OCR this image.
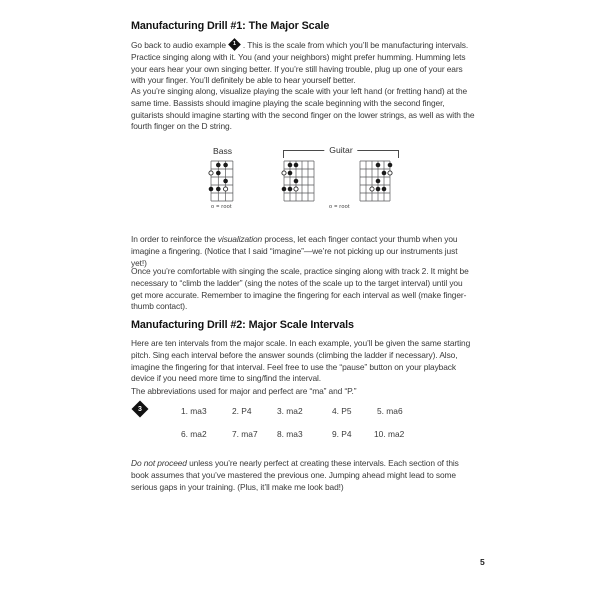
Manufacturing Drill #1: The Major Scale

Go back to audio example	1 . This is the scale from which you’ll be manufacturing intervals. Practice singing along with it. You (and your neighbors) might prefer humming. Humming lets your ears hear your own singing better. If you’re still having trouble, plug up one of your ears with your finger. You’ll definitely be able to hear yourself better.

As you’re singing along, visualize playing the scale with your left hand (or fretting hand) at the same time. Bassists should imagine playing the scale beginning with the second finger, guitarists should imagine starting with the second finger on the lower strings, as well as with the fourth finger on the D string.

Bass	Guitar
o = root	o = root

In order to reinforce the visualization process, let each finger contact your thumb when you imagine a fingering. (Notice that I said “imagine”—we’re not picking up our instruments just yet!)

Once you’re comfortable with singing the scale, practice singing along with track 2. It might be necessary to “climb the ladder” (sing the notes of the scale up to the target interval) until you get more accurate. Remember to imagine the fingering for each interval as well (make finger-thumb contact).

Manufacturing Drill #2: Major Scale Intervals

Here are ten intervals from the major scale. In each example, you’ll be given the same starting pitch. Sing each interval before the answer sounds (climbing the ladder if necessary). Also, imagine the fingering for that interval. Feel free to use the “pause” button on your playback device if you need more time to sing/find the interval.

The abbreviations used for major and perfect are “ma” and “P.”

3	1. ma3	2. P4	3. ma2	4. P5	5. ma6
6. ma2	7. ma7 8. ma3	9. P4	10. ma2

Do not proceed unless you’re nearly perfect at creating these intervals. Each section of this book assumes that you’ve mastered the previous one. Jumping ahead might lead to some serious gaps in your training. (Plus, it’ll make me look bad!)

5
